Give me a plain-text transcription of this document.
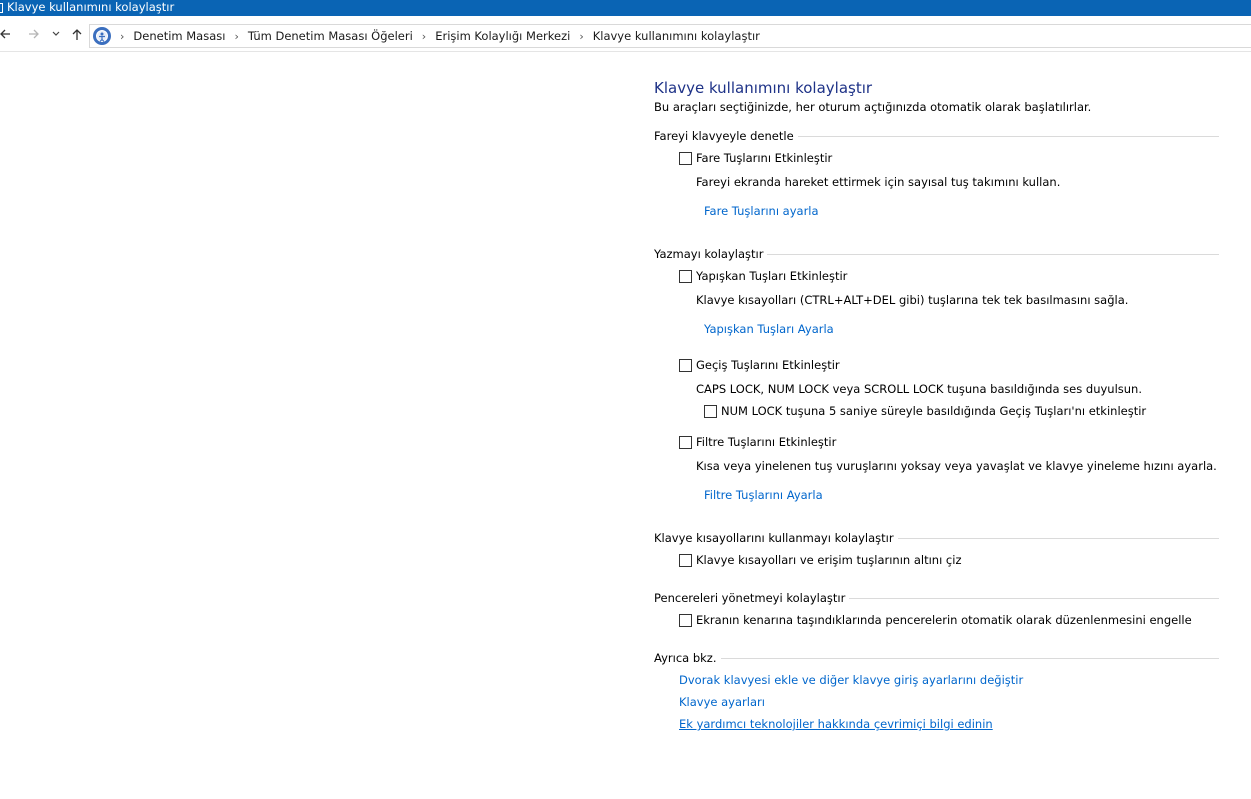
Klavye kullanımını kolaylaştır
› Denetim Masası › Tüm Denetim Masası Öğeleri › Erişim Kolaylığı Merkezi › Klavye kullanımını kolaylaştır
Klavye kullanımını kolaylaştır
Bu araçları seçtiğinizde, her oturum açtığınızda otomatik olarak başlatılırlar.
Fareyi klavyeyle denetle
Fare Tuşlarını Etkinleştir
Fareyi ekranda hareket ettirmek için sayısal tuş takımını kullan.
Fare Tuşlarını ayarla
Yazmayı kolaylaştır
Yapışkan Tuşları Etkinleştir
Klavye kısayolları (CTRL+ALT+DEL gibi) tuşlarına tek tek basılmasını sağla.
Yapışkan Tuşları Ayarla
Geçiş Tuşlarını Etkinleştir
CAPS LOCK, NUM LOCK veya SCROLL LOCK tuşuna basıldığında ses duyulsun.
NUM LOCK tuşuna 5 saniye süreyle basıldığında Geçiş Tuşları'nı etkinleştir
Filtre Tuşlarını Etkinleştir
Kısa veya yinelenen tuş vuruşlarını yoksay veya yavaşlat ve klavye yineleme hızını ayarla.
Filtre Tuşlarını Ayarla
Klavye kısayollarını kullanmayı kolaylaştır
Klavye kısayolları ve erişim tuşlarının altını çiz
Pencereleri yönetmeyi kolaylaştır
Ekranın kenarına taşındıklarında pencerelerin otomatik olarak düzenlenmesini engelle
Ayrıca bkz.
Dvorak klavyesi ekle ve diğer klavye giriş ayarlarını değiştir
Klavye ayarları
Ek yardımcı teknolojiler hakkında çevrimiçi bilgi edinin
